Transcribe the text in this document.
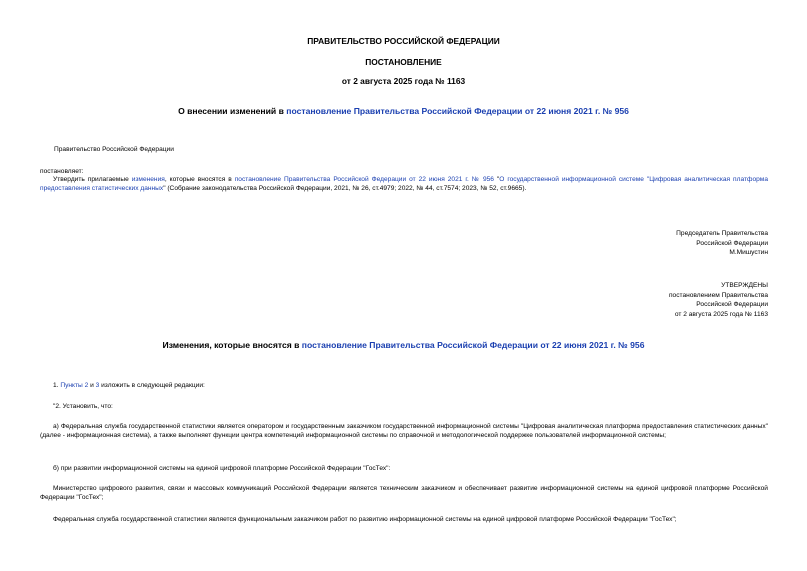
ПРАВИТЕЛЬСТВО РОССИЙСКОЙ ФЕДЕРАЦИИ
ПОСТАНОВЛЕНИЕ
от 2 августа 2025 года № 1163
О внесении изменений в постановление Правительства Российской Федерации от 22 июня 2021 г. № 956
Правительство Российской Федерации
постановляет:
Утвердить прилагаемые изменения, которые вносятся в постановление Правительства Российской Федерации от 22 июня 2021 г. № 956 "О государственной информационной системе "Цифровая аналитическая платформа предоставления статистических данных" (Собрание законодательства Российской Федерации, 2021, № 26, ст.4979; 2022, № 44, ст.7574; 2023, № 52, ст.9665).
Председатель Правительства
Российской Федерации
М.Мишустин
УТВЕРЖДЕНЫ
постановлением Правительства
Российской Федерации
от 2 августа 2025 года № 1163
Изменения, которые вносятся в постановление Правительства Российской Федерации от 22 июня 2021 г. № 956
1. Пункты 2 и 3 изложить в следующей редакции:
"2. Установить, что:
а) Федеральная служба государственной статистики является оператором и государственным заказчиком государственной информационной системы "Цифровая аналитическая платформа предоставления статистических данных" (далее - информационная система), а также выполняет функции центра компетенций информационной системы по справочной и методологической поддержке пользователей информационной системы;
б) при развитии информационной системы на единой цифровой платформе Российской Федерации "ГосТех":
Министерство цифрового развития, связи и массовых коммуникаций Российской Федерации является техническим заказчиком и обеспечивает развитие информационной системы на единой цифровой платформе Российской Федерации "ГосТех";
Федеральная служба государственной статистики является функциональным заказчиком работ по развитию информационной системы на единой цифровой платформе Российской Федерации "ГосТех";
